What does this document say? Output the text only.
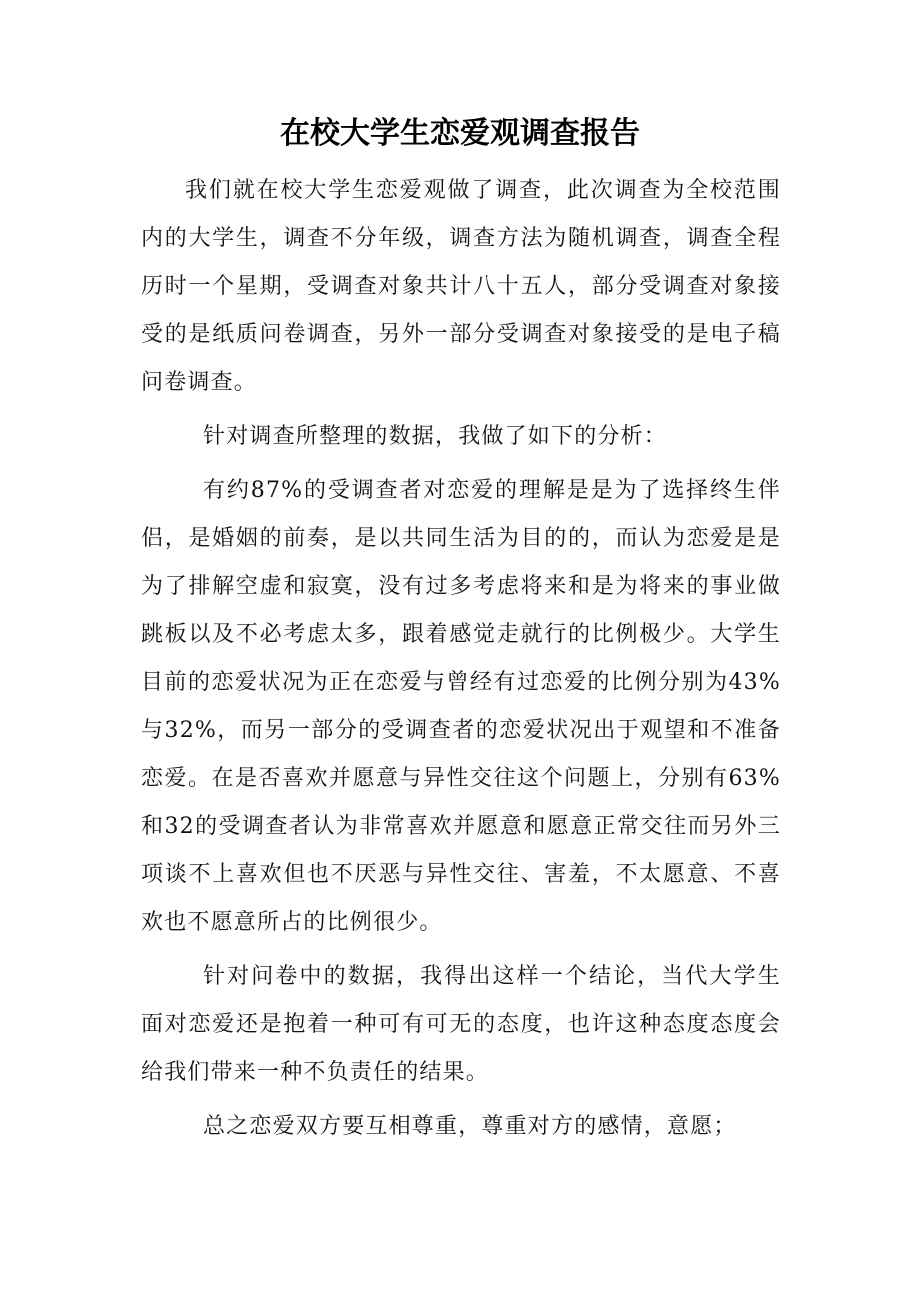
在校大学生恋爱观调查报告

我们就在校大学生恋爱观做了调查，此次调查为全校范围内的大学生，调查不分年级，调查方法为随机调查，调查全程历时一个星期，受调查对象共计八十五人，部分受调查对象接受的是纸质问卷调查，另外一部分受调查对象接受的是电子稿问卷调查。

针对调查所整理的数据，我做了如下的分析：

有约87%的受调查者对恋爱的理解是是为了选择终生伴侣，是婚姻的前奏，是以共同生活为目的的，而认为恋爱是是为了排解空虚和寂寞，没有过多考虑将来和是为将来的事业做跳板以及不必考虑太多，跟着感觉走就行的比例极少。大学生目前的恋爱状况为正在恋爱与曾经有过恋爱的比例分别为43%与32%，而另一部分的受调查者的恋爱状况出于观望和不准备恋爱。在是否喜欢并愿意与异性交往这个问题上，分别有63%和32的受调查者认为非常喜欢并愿意和愿意正常交往而另外三项谈不上喜欢但也不厌恶与异性交往、害羞，不太愿意、不喜欢也不愿意所占的比例很少。

针对问卷中的数据，我得出这样一个结论，当代大学生面对恋爱还是抱着一种可有可无的态度，也许这种态度态度会给我们带来一种不负责任的结果。

总之恋爱双方要互相尊重，尊重对方的感情，意愿；
